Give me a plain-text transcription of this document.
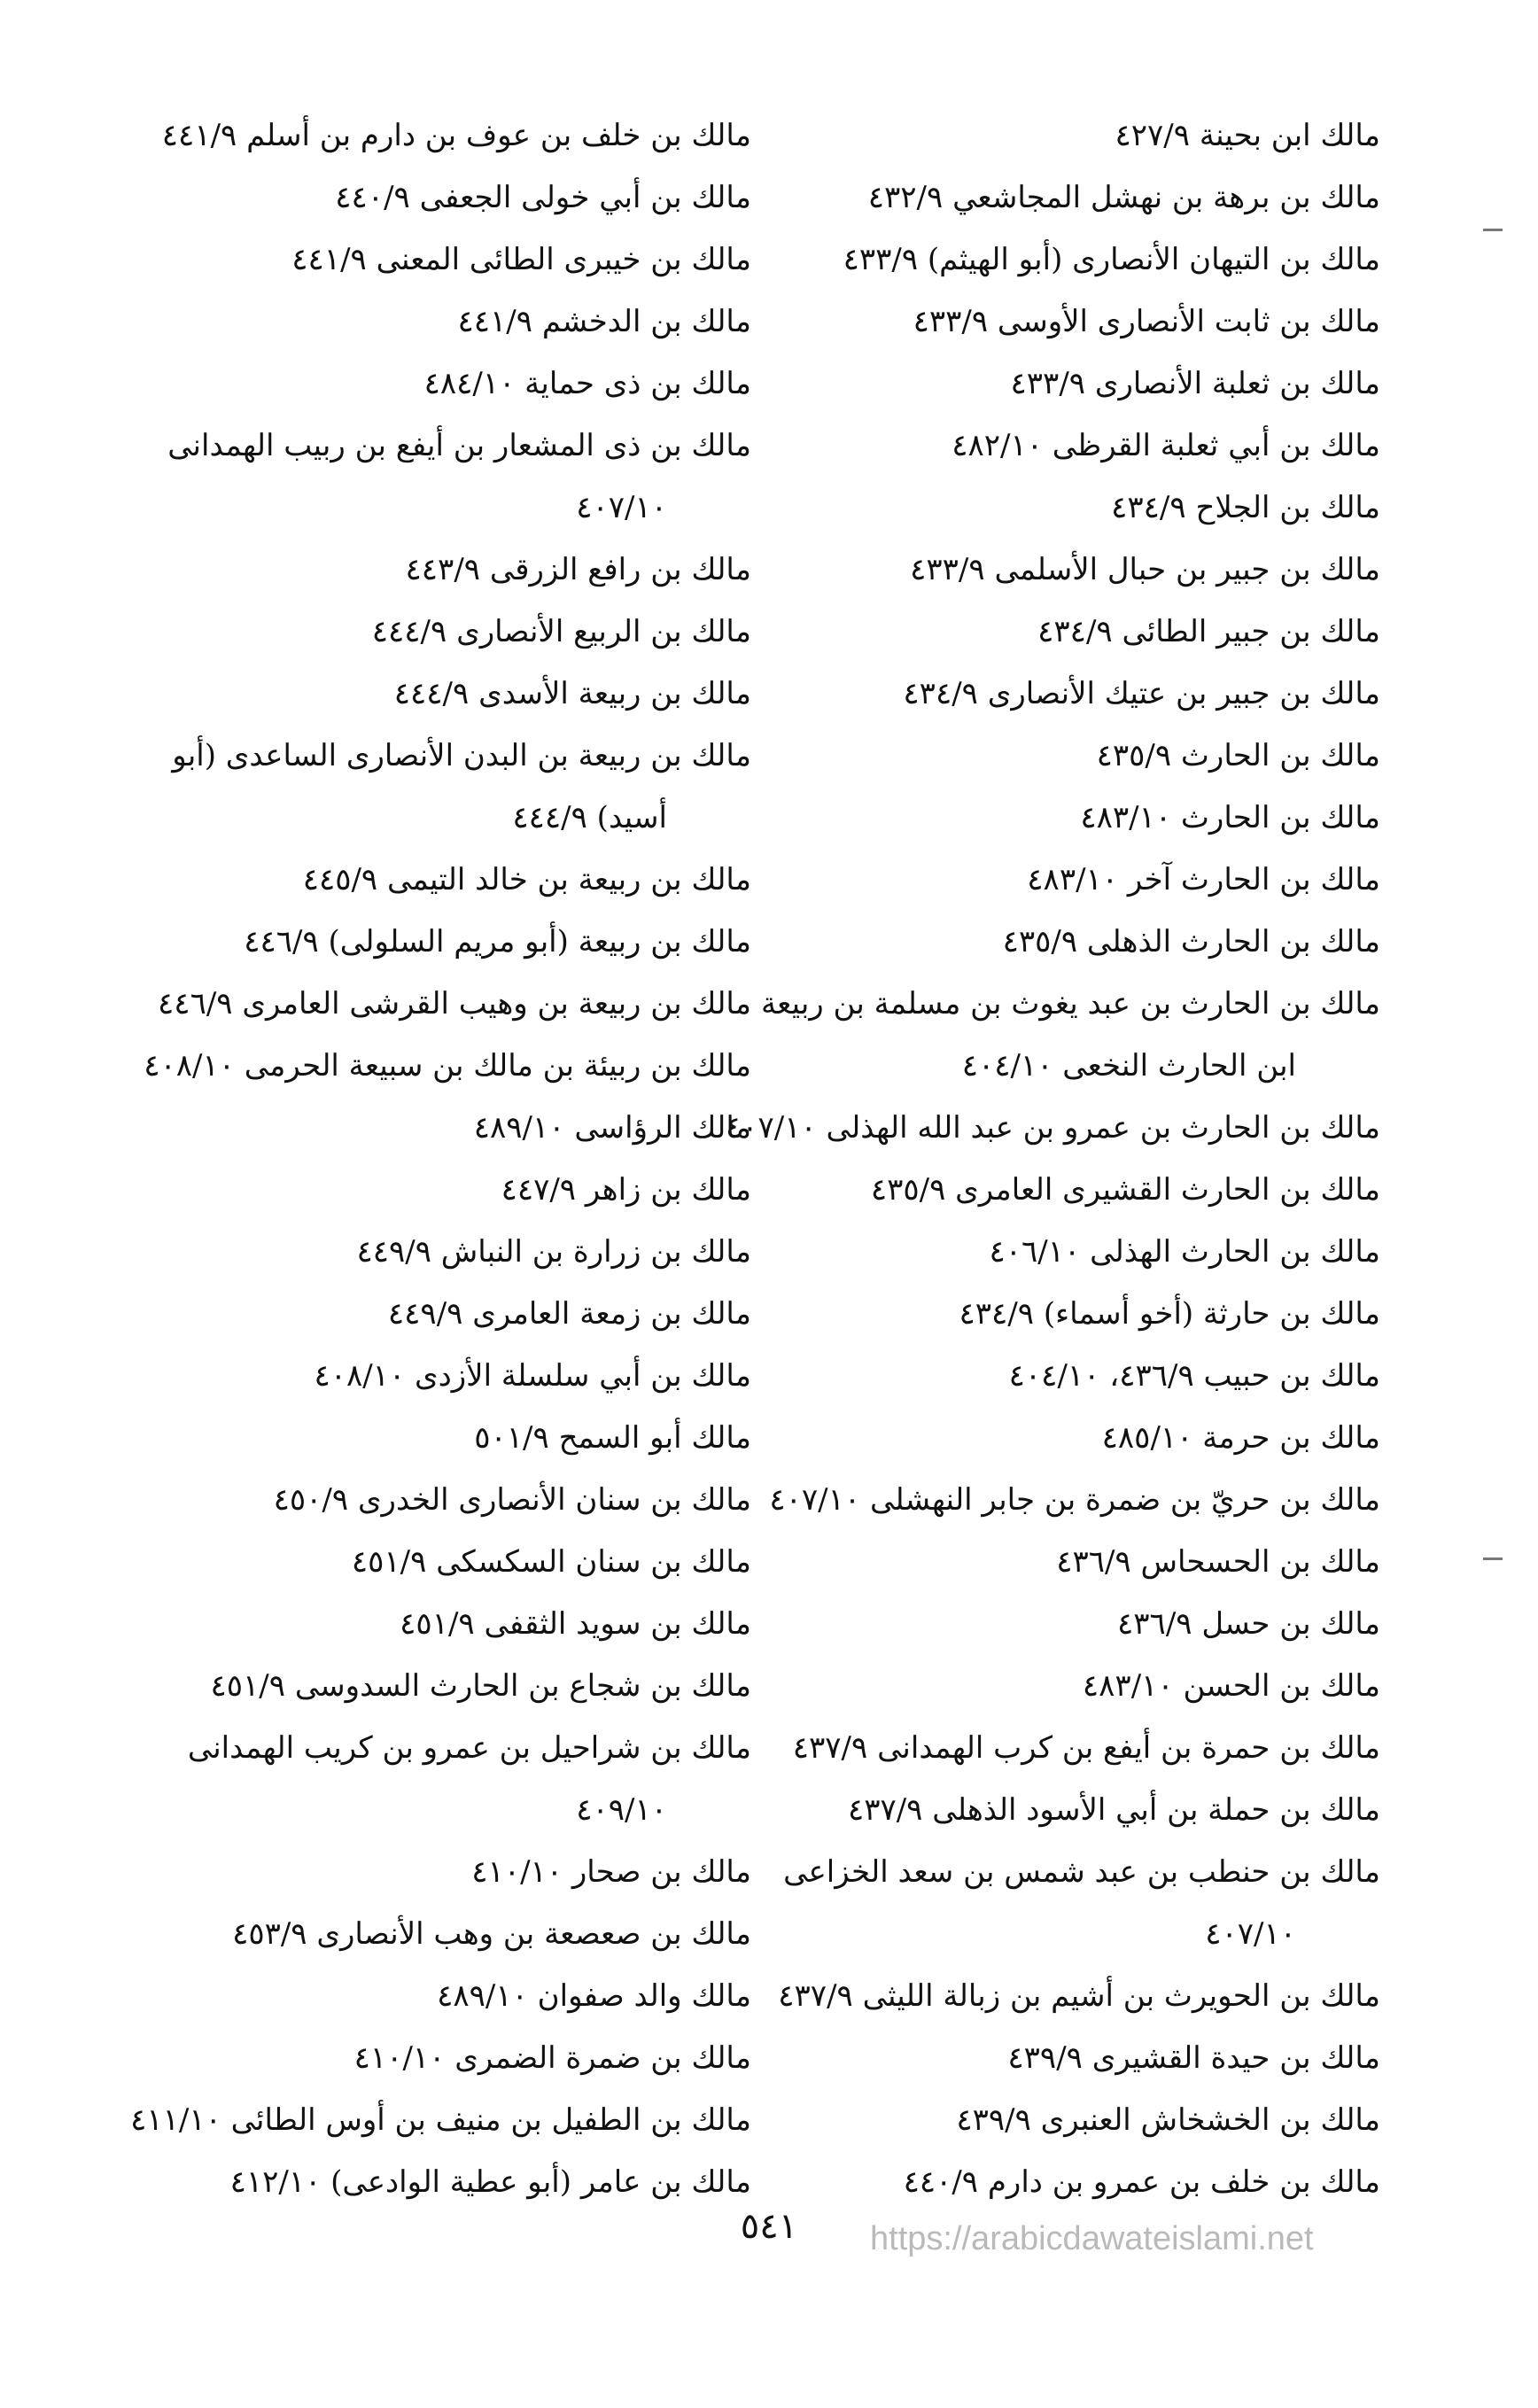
مالك ابن بحينة ٤٢٧/٩
مالك بن برهة بن نهشل المجاشعي ٤٣٢/٩
مالك بن التيهان الأنصارى (أبو الهيثم) ٤٣٣/٩
مالك بن ثابت الأنصارى الأوسى ٤٣٣/٩
مالك بن ثعلبة الأنصارى ٤٣٣/٩
مالك بن أبي ثعلبة القرظى ٤٨٢/١٠
مالك بن الجلاح ٤٣٤/٩
مالك بن جبير بن حبال الأسلمى ٤٣٣/٩
مالك بن جبير الطائى ٤٣٤/٩
مالك بن جبير بن عتيك الأنصارى ٤٣٤/٩
مالك بن الحارث ٤٣٥/٩
مالك بن الحارث ٤٨٣/١٠
مالك بن الحارث آخر ٤٨٣/١٠
مالك بن الحارث الذهلى ٤٣٥/٩
مالك بن الحارث بن عبد يغوث بن مسلمة بن ربيعة
ابن الحارث النخعى ٤٠٤/١٠
مالك بن الحارث بن عمرو بن عبد الله الهذلى ٤٠٧/١٠
مالك بن الحارث القشيرى العامرى ٤٣٥/٩
مالك بن الحارث الهذلى ٤٠٦/١٠
مالك بن حارثة (أخو أسماء) ٤٣٤/٩
مالك بن حبيب ٤٣٦/٩، ٤٠٤/١٠
مالك بن حرمة ٤٨٥/١٠
مالك بن حريّ بن ضمرة بن جابر النهشلى ٤٠٧/١٠
مالك بن الحسحاس ٤٣٦/٩
مالك بن حسل ٤٣٦/٩
مالك بن الحسن ٤٨٣/١٠
مالك بن حمرة بن أيفع بن كرب الهمدانى ٤٣٧/٩
مالك بن حملة بن أبي الأسود الذهلى ٤٣٧/٩
مالك بن حنطب بن عبد شمس بن سعد الخزاعى
٤٠٧/١٠
مالك بن الحويرث بن أشيم بن زبالة الليثى ٤٣٧/٩
مالك بن حيدة القشيرى ٤٣٩/٩
مالك بن الخشخاش العنبرى ٤٣٩/٩
مالك بن خلف بن عمرو بن دارم ٤٤٠/٩
مالك بن خلف بن عوف بن دارم بن أسلم ٤٤١/٩
مالك بن أبي خولى الجعفى ٤٤٠/٩
مالك بن خيبرى الطائى المعنى ٤٤١/٩
مالك بن الدخشم ٤٤١/٩
مالك بن ذى حماية ٤٨٤/١٠
مالك بن ذى المشعار بن أيفع بن ربيب الهمدانى
٤٠٧/١٠
مالك بن رافع الزرقى ٤٤٣/٩
مالك بن الربيع الأنصارى ٤٤٤/٩
مالك بن ربيعة الأسدى ٤٤٤/٩
مالك بن ربيعة بن البدن الأنصارى الساعدى (أبو
أسيد) ٤٤٤/٩
مالك بن ربيعة بن خالد التيمى ٤٤٥/٩
مالك بن ربيعة (أبو مريم السلولى) ٤٤٦/٩
مالك بن ربيعة بن وهيب القرشى العامرى ٤٤٦/٩
مالك بن ربيئة بن مالك بن سبيعة الحرمى ٤٠٨/١٠
مالك الرؤاسى ٤٨٩/١٠
مالك بن زاهر ٤٤٧/٩
مالك بن زرارة بن النباش ٤٤٩/٩
مالك بن زمعة العامرى ٤٤٩/٩
مالك بن أبي سلسلة الأزدى ٤٠٨/١٠
مالك أبو السمح ٥٠١/٩
مالك بن سنان الأنصارى الخدرى ٤٥٠/٩
مالك بن سنان السكسكى ٤٥١/٩
مالك بن سويد الثقفى ٤٥١/٩
مالك بن شجاع بن الحارث السدوسى ٤٥١/٩
مالك بن شراحيل بن عمرو بن كريب الهمدانى
٤٠٩/١٠
مالك بن صحار ٤١٠/١٠
مالك بن صعصعة بن وهب الأنصارى ٤٥٣/٩
مالك والد صفوان ٤٨٩/١٠
مالك بن ضمرة الضمرى ٤١٠/١٠
مالك بن الطفيل بن منيف بن أوس الطائى ٤١١/١٠
مالك بن عامر (أبو عطية الوادعى) ٤١٢/١٠
٥٤١	https://arabicdawateislami.net
